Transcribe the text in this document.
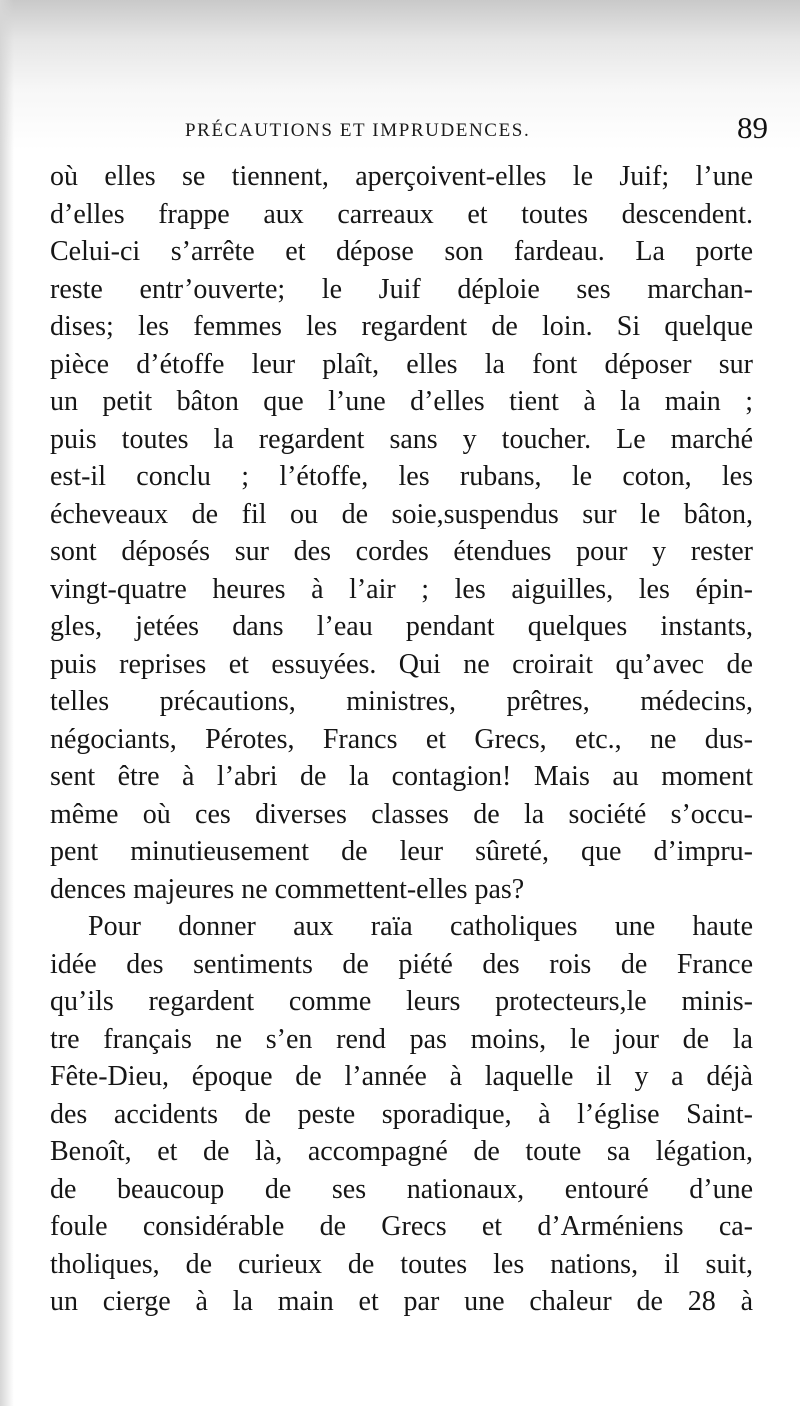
PRÉCAUTIONS ET IMPRUDENCES.	89
où elles se tiennent, aperçoivent-elles le Juif; l’une
d’elles frappe aux carreaux et toutes descendent.
Celui-ci s’arrête et dépose son fardeau. La porte
reste entr’ouverte; le Juif déploie ses marchan-
dises; les femmes les regardent de loin. Si quelque
pièce d’étoffe leur plaît, elles la font déposer sur
un petit bâton que l’une d’elles tient à la main ;
puis toutes la regardent sans y toucher. Le marché
est-il conclu ; l’étoffe, les rubans, le coton, les
écheveaux de fil ou de soie,suspendus sur le bâton,
sont déposés sur des cordes étendues pour y rester
vingt-quatre heures à l’air ; les aiguilles, les épin-
gles, jetées dans l’eau pendant quelques instants,
puis reprises et essuyées. Qui ne croirait qu’avec de
telles précautions, ministres, prêtres, médecins,
négociants, Pérotes, Francs et Grecs, etc., ne dus-
sent être à l’abri de la contagion! Mais au moment
même où ces diverses classes de la société s’occu-
pent minutieusement de leur sûreté, que d’impru-
dences majeures ne commettent-elles pas?
Pour donner aux raïa catholiques une haute
idée des sentiments de piété des rois de France
qu’ils regardent comme leurs protecteurs,le minis-
tre français ne s’en rend pas moins, le jour de la
Fête-Dieu, époque de l’année à laquelle il y a déjà
des accidents de peste sporadique, à l’église Saint-
Benoît, et de là, accompagné de toute sa légation,
de beaucoup de ses nationaux, entouré d’une
foule considérable de Grecs et d’Arméniens ca-
tholiques, de curieux de toutes les nations, il suit,
un cierge à la main et par une chaleur de 28 à
